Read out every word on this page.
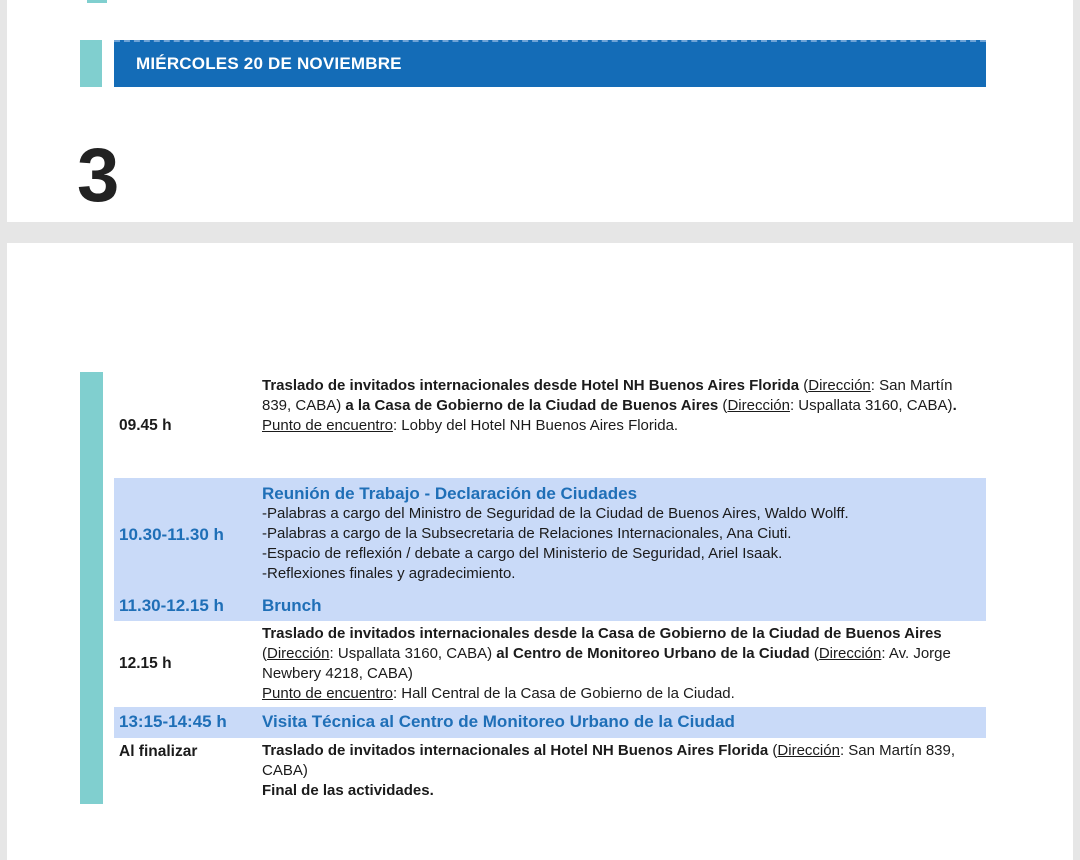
MIÉRCOLES 20 DE NOVIEMBRE
3
09.45 h
Traslado de invitados internacionales desde Hotel NH Buenos Aires Florida (Dirección: San Martín 839, CABA) a la Casa de Gobierno de la Ciudad de Buenos Aires (Dirección: Uspallata 3160, CABA).
Punto de encuentro: Lobby del Hotel NH Buenos Aires Florida.
10.30-11.30 h
Reunión de Trabajo - Declaración de Ciudades
-Palabras a cargo del Ministro de Seguridad de la Ciudad de Buenos Aires, Waldo Wolff.
-Palabras a cargo de la Subsecretaria de Relaciones Internacionales, Ana Ciuti.
-Espacio de reflexión / debate a cargo del Ministerio de Seguridad, Ariel Isaak.
-Reflexiones finales y agradecimiento.
11.30-12.15 h Brunch
12.15 h
Traslado de invitados internacionales desde la Casa de Gobierno de la Ciudad de Buenos Aires (Dirección: Uspallata 3160, CABA) al Centro de Monitoreo Urbano de la Ciudad (Dirección: Av. Jorge Newbery 4218, CABA)
Punto de encuentro: Hall Central de la Casa de Gobierno de la Ciudad.
13:15-14:45 h Visita Técnica al Centro de Monitoreo Urbano de la Ciudad
Al finalizar	Traslado de invitados internacionales al Hotel NH Buenos Aires Florida (Dirección: San Martín 839, CABA)
Final de las actividades.
